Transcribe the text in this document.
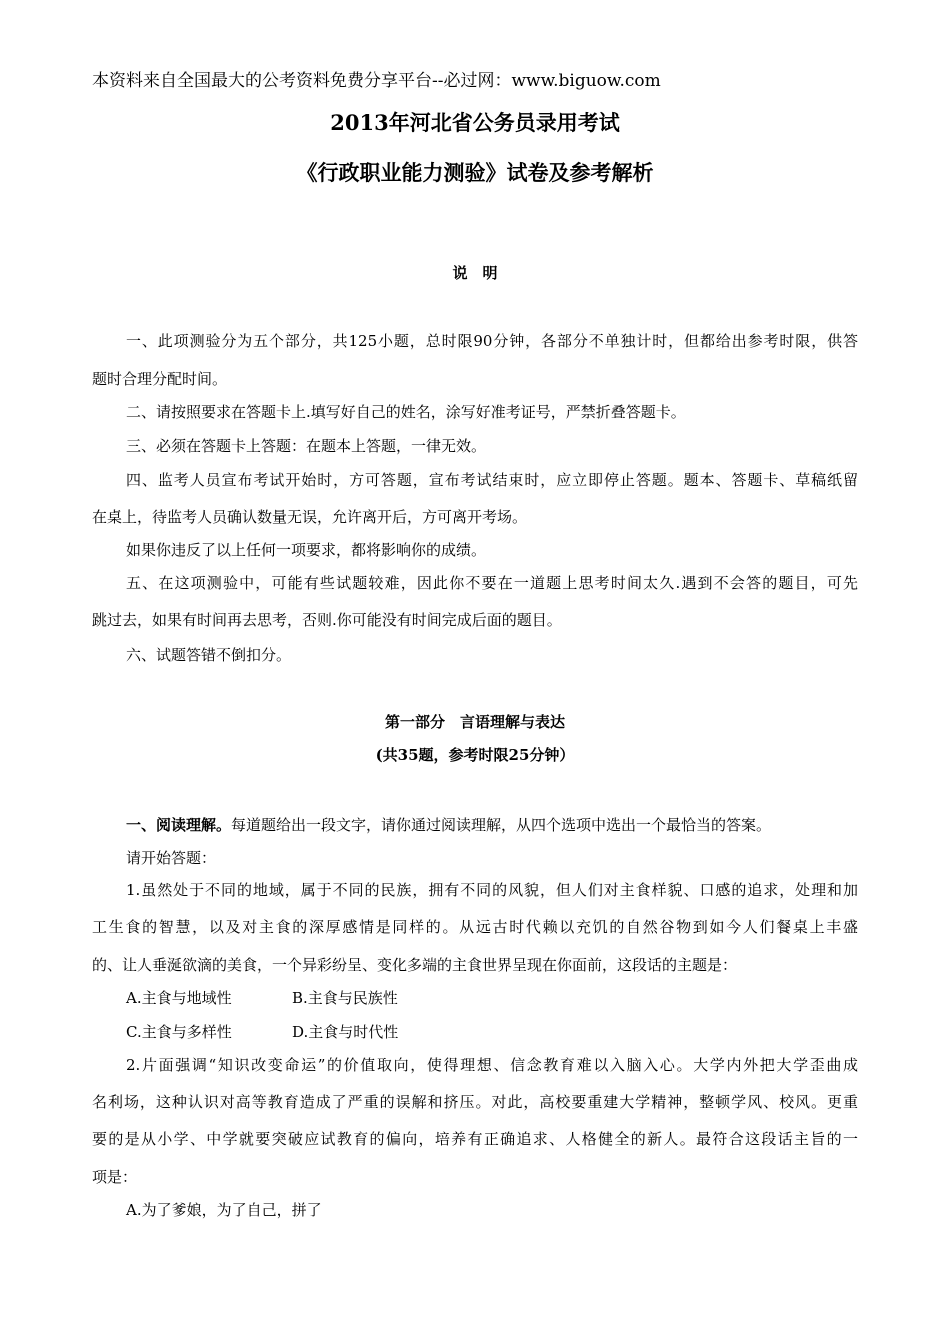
本资料来自全国最大的公考资料免费分享平台--必过网：www.biguow.com
2013年河北省公务员录用考试
《行政职业能力测验》试卷及参考解析
说　明
一、此项测验分为五个部分，共125小题，总时限90分钟，各部分不单独计时，但都给出参考时限，供答
题时合理分配时间。
二、请按照要求在答题卡上.填写好自己的姓名，涂写好准考证号，严禁折叠答题卡。
三、必须在答题卡上答题：在题本上答题，一律无效。
四、监考人员宣布考试开始时，方可答题，宣布考试结束时，应立即停止答题。题本、答题卡、草稿纸留
在桌上，待监考人员确认数量无误，允许离开后，方可离开考场。
如果你违反了以上任何一项要求，都将影响你的成绩。
五、在这项测验中，可能有些试题较难，因此你不要在一道题上思考时间太久.遇到不会答的题目，可先
跳过去，如果有时间再去思考，否则.你可能没有时间完成后面的题目。
六、试题答错不倒扣分。
第一部分　言语理解与表达
(共35题，参考时限25分钟）
一、阅读理解。每道题给出一段文字，请你通过阅读理解，从四个选项中选出一个最恰当的答案。
请开始答题：
1.虽然处于不同的地域，属于不同的民族，拥有不同的风貌，但人们对主食样貌、口感的追求，处理和加
工生食的智慧，以及对主食的深厚感情是同样的。从远古时代赖以充饥的自然谷物到如今人们餐桌上丰盛
的、让人垂涎欲滴的美食，一个异彩纷呈、变化多端的主食世界呈现在你面前，这段话的主题是：
A.主食与地域性	B.主食与民族性
C.主食与多样性	D.主食与时代性
2.片面强调“知识改变命运”的价值取向，使得理想、信念教育难以入脑入心。大学内外把大学歪曲成
名利场，这种认识对高等教育造成了严重的误解和挤压。对此，高校要重建大学精神，整顿学风、校风。更重
要的是从小学、中学就要突破应试教育的偏向，培养有正确追求、人格健全的新人。最符合这段话主旨的一
项是：
A.为了爹娘，为了自己，拼了
